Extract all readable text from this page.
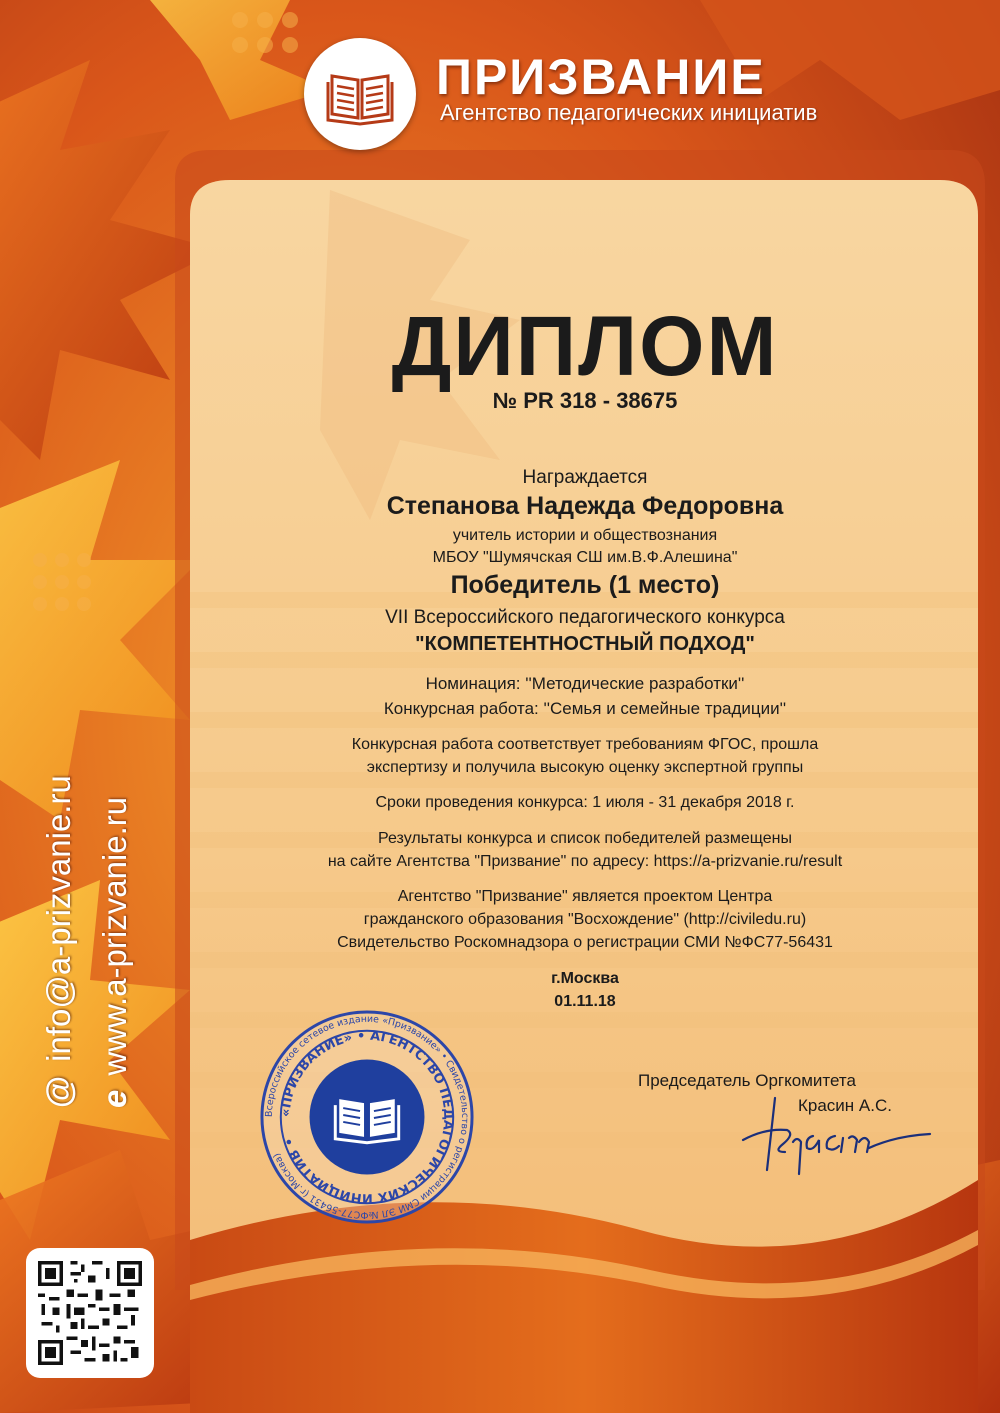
ПРИЗВАНИЕ
Агентство педагогических инициатив
@info@a-prizvanie.ru
ewww.a-prizvanie.ru
ДИПЛОМ
№ PR 318 - 38675
Награждается
Степанова Надежда Федоровна
учитель истории и обществознания
МБОУ "Шумячская СШ им.В.Ф.Алешина"
Победитель (1 место)
VII Всероссийского педагогического конкурса
"КОМПЕТЕНТНОСТНЫЙ ПОДХОД"
Номинация: ''Методические разработки''
Конкурсная работа: ''Семья и семейные традиции''
Конкурсная работа соответствует требованиям ФГОС, прошла
экспертизу и получила высокую оценку экспертной группы
Сроки проведения конкурса: 1 июля - 31 декабря 2018 г.
Результаты конкурса и список победителей размещены
на сайте Агентства "Призвание" по адресу: https://a-prizvanie.ru/result
Агентство "Призвание" является проектом Центра
гражданского образования "Восхождение" (http://civiledu.ru)
Свидетельство Роскомнадзора о регистрации СМИ №ФС77-56431
г.Москва
01.11.18
Председатель Оргкомитета
Красин А.С.
Всероссийское сетевое издание «Призвание» • Свидетельство о регистрации СМИ ЭЛ №ФС77-56431 (г.Москва)
«ПРИЗВАНИЕ» • АГЕНТСТВО ПЕДАГОГИЧЕСКИХ ИНИЦИАТИВ •
